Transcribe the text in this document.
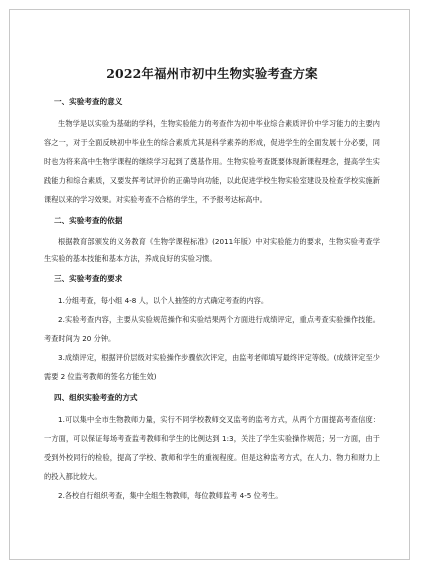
2022年福州市初中生物实验考查方案
一、实验考查的意义

生物学是以实验为基础的学科，生物实验能力的考查作为初中毕业综合素质评价中学习能力的主要内容之一，对于全面反映初中毕业生的综合素质尤其是科学素养的形成，促进学生的全面发展十分必要，同时也为将来高中生物学课程的继续学习起到了奠基作用。生物实验考查既要体现新课程理念，提高学生实践能力和综合素质，又要发挥考试评价的正确导向功能，以此促进学校生物实验室建设及检查学校实施新课程以来的学习效果。对实验考查不合格的学生，不予报考达标高中。

二、实验考查的依据

根据教育部颁发的义务教育《生物学课程标准》(2011年版）中对实验能力的要求，生物实验考查学生实验的基本技能和基本方法，养成良好的实验习惯。

三、实验考查的要求

1.分组考查，每小组 4-8 人，以个人抽签的方式确定考查的内容。

2.实验考查内容，主要从实验规范操作和实验结果两个方面进行成绩评定，重点考查实验操作技能。考查时间为 20 分钟。

3.成绩评定，根据评价层级对实验操作步骤依次评定，由监考老师填写最终评定等级。(成绩评定至少需要 2 位监考教师的签名方能生效)

四、组织实验考查的方式

1.可以集中全市生物教师力量，实行不同学校教师交叉监考的监考方式，从两个方面提高考查信度：一方面，可以保证每场考查监考教师和学生的比例达到 1:3，关注了学生实验操作规范；另一方面，由于受到外校同行的检验，提高了学校、教师和学生的重视程度。但是这种监考方式，在人力、物力和财力上的投入都比较大。

2.各校自行组织考查，集中全组生物教师，每位教师监考 4-5 位考生。
